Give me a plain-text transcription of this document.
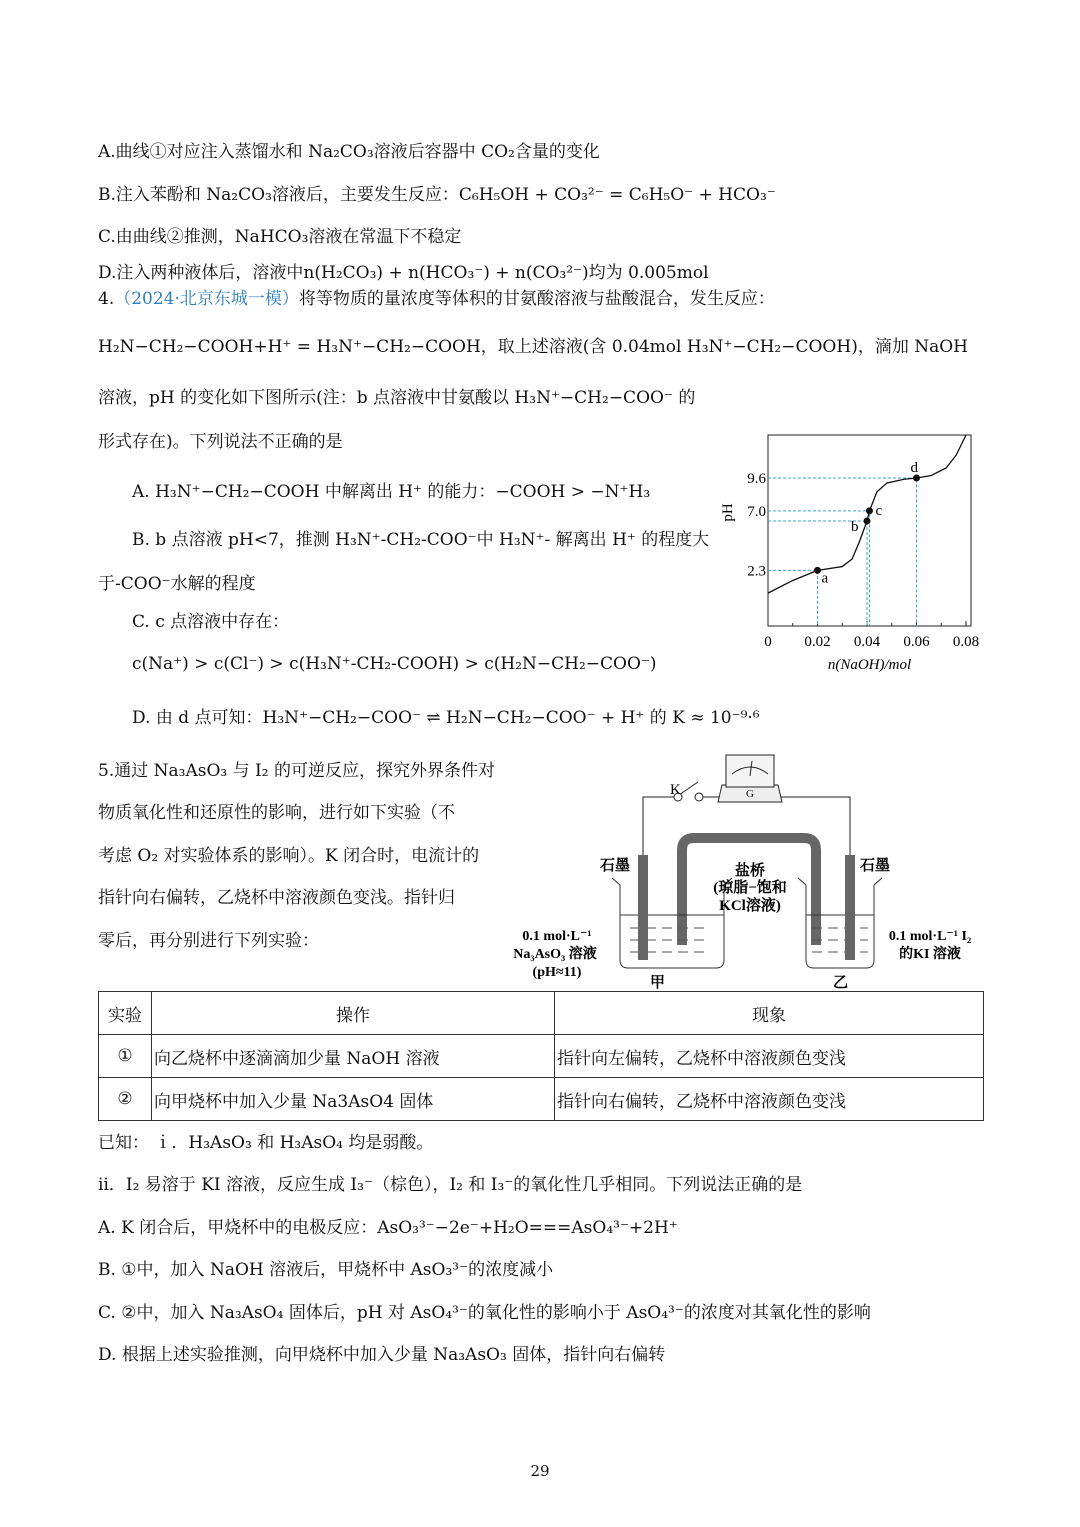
A.曲线①对应注入蒸馏水和 Na₂CO₃溶液后容器中 CO₂含量的变化
B.注入苯酚和 Na₂CO₃溶液后，主要发生反应：C₆H₅OH + CO₃²⁻ = C₆H₅O⁻ + HCO₃⁻
C.由曲线②推测，NaHCO₃溶液在常温下不稳定
D.注入两种液体后，溶液中n(H₂CO₃) + n(HCO₃⁻) + n(CO₃²⁻)均为 0.005mol
4.（2024·北京东城一模）将等物质的量浓度等体积的甘氨酸溶液与盐酸混合，发生反应：
H₂N−CH₂−COOH+H⁺ = H₃N⁺−CH₂−COOH，取上述溶液(含 0.04mol H₃N⁺−CH₂−COOH)，滴加 NaOH
溶液，pH 的变化如下图所示(注：b 点溶液中甘氨酸以 H₃N⁺−CH₂−COO⁻ 的
形式存在)。下列说法不正确的是
A. H₃N⁺−CH₂−COOH 中解离出 H⁺ 的能力：−COOH > −N⁺H₃
B. b 点溶液 pH<7，推测 H₃N⁺-CH₂-COO⁻中 H₃N⁺- 解离出 H⁺ 的程度大
于-COO⁻水解的程度
C. c 点溶液中存在：
c(Na⁺) > c(Cl⁻) > c(H₃N⁺-CH₂-COOH) > c(H₂N−CH₂−COO⁻)
D. 由 d 点可知：H₃N⁺−CH₂−COO⁻ ⇌ H₂N−CH₂−COO⁻ + H⁺ 的 K ≈ 10⁻⁹·⁶
0 0.02 0.04 0.06 0.08
2.3
7.0
9.6
n(NaOH)/mol
pH
a
b
c
d
5.通过 Na₃AsO₃ 与 I₂ 的可逆反应，探究外界条件对
物质氧化性和还原性的影响，进行如下实验（不
考虑 O₂ 对实验体系的影响）。K 闭合时，电流计的
指针向右偏转，乙烧杯中溶液颜色变浅。指针归
零后，再分别进行下列实验：
K	G
石墨	石墨
盐桥
(琼脂−饱和
KCl溶液)
0.1 mol·L⁻¹
Na₃AsO₃ 溶液
(pH≈11)
0.1 mol·L⁻¹ I₂
的KI 溶液
甲	乙
实验	操作	现象
①	向乙烧杯中逐滴滴加少量 NaOH 溶液	指针向左偏转，乙烧杯中溶液颜色变浅
②	向甲烧杯中加入少量 Na3AsO4 固体	指针向右偏转，乙烧杯中溶液颜色变浅
已知： ｉ．H₃AsO₃ 和 H₃AsO₄ 均是弱酸。
ⅱ．I₂ 易溶于 KI 溶液，反应生成 I₃⁻（棕色），I₂ 和 I₃⁻的氧化性几乎相同。下列说法正确的是
A. K 闭合后，甲烧杯中的电极反应：AsO₃³⁻−2e⁻+H₂O===AsO₄³⁻+2H⁺
B. ①中，加入 NaOH 溶液后，甲烧杯中 AsO₃³⁻的浓度减小
C. ②中，加入 Na₃AsO₄ 固体后，pH 对 AsO₄³⁻的氧化性的影响小于 AsO₄³⁻的浓度对其氧化性的影响
D. 根据上述实验推测，向甲烧杯中加入少量 Na₃AsO₃ 固体，指针向右偏转
29
